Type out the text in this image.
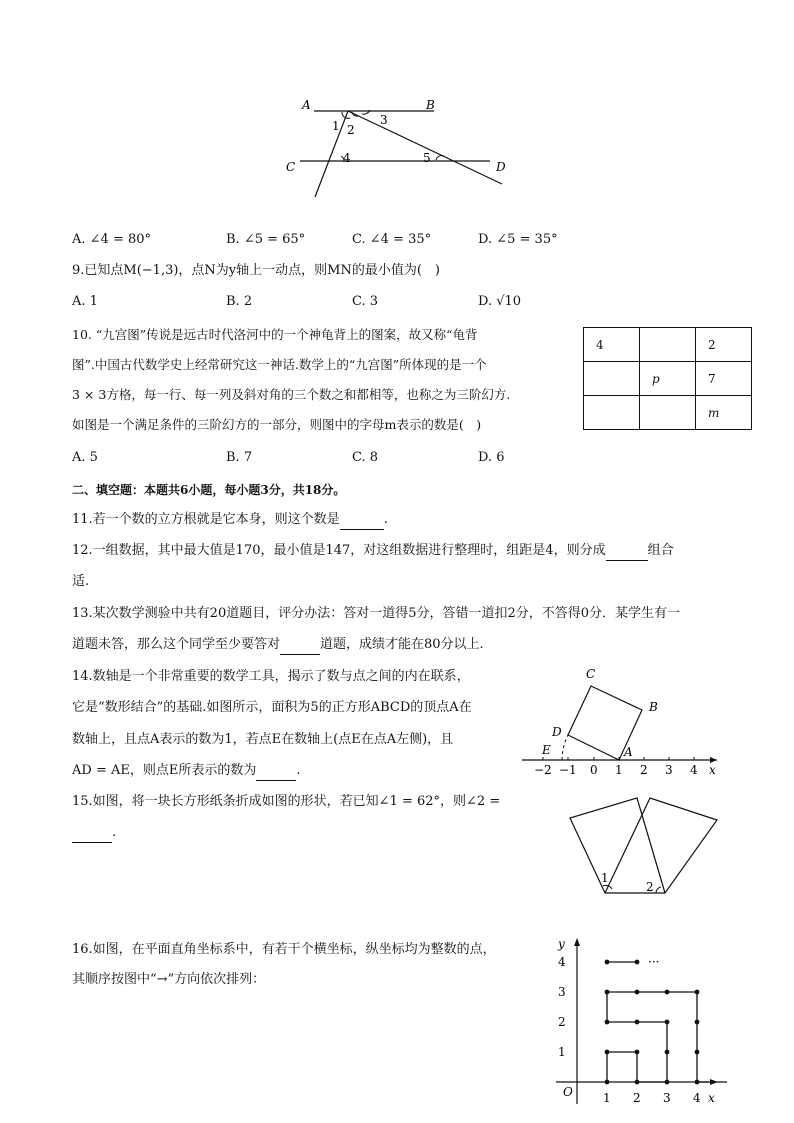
A	B
C	D
1 2
3
4	5
A. ∠4 = 80°	B. ∠5 = 65°	C. ∠4 = 35°	D. ∠5 = 35°
9.已知点M(−1,3)，点N为y轴上一动点，则MN的最小值为(　)
A. 1	B. 2	C. 3	D. √10
10. “九宫图”传说是远古时代洛河中的一个神龟背上的图案，故又称“龟背
图”.中国古代数学史上经常研究这一神话.数学上的“九宫图”所体现的是一个
3 × 3方格，每一行、每一列及斜对角的三个数之和都相等，也称之为三阶幻方.
如图是一个满足条件的三阶幻方的一部分，则图中的字母m表示的数是(　)
4		2
	p	7
		m
A. 5	B. 7	C. 8	D. 6
二、填空题：本题共6小题，每小题3分，共18分。
11.若一个数的立方根就是它本身，则这个数是	.
12.一组数据，其中最大值是170，最小值是147，对这组数据进行整理时，组距是4，则分成	组合
适.
13.某次数学测验中共有20道题目，评分办法：答对一道得5分，答错一道扣2分，不答得0分．某学生有一
道题未答，那么这个同学至少要答对	道题，成绩才能在80分以上.
14.数轴是一个非常重要的数学工具，揭示了数与点之间的内在联系，
它是“数形结合”的基础.如图所示，面积为5的正方形ABCD的顶点A在
数轴上，且点A表示的数为1，若点E在数轴上(点E在点A左侧)，且
AD = AE，则点E所表示的数为	.
C
B
D
E	A
−2 −1 0 1 2 3 4 x
15.如图，将一块长方形纸条折成如图的形状，若已知∠1 = 62°，则∠2 =
.
1
2
16.如图，在平面直角坐标系中，有若干个横坐标，纵坐标均为整数的点，
其顺序按图中“→”方向依次排列：
···
y
x
O
1
2
3
4
1 2 3 4
